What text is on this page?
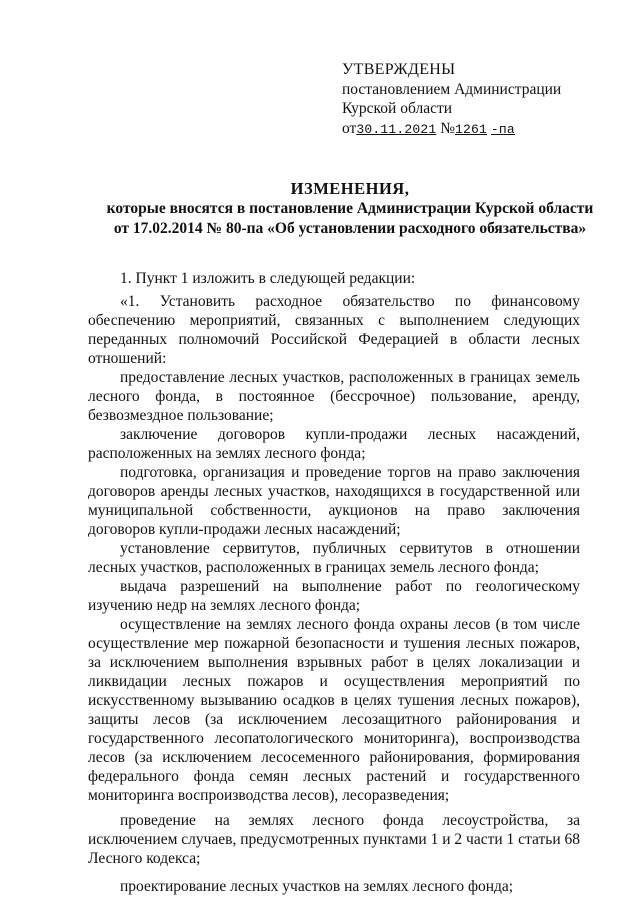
УТВЕРЖДЕНЫ
постановлением Администрации
Курской области
от30.11.2021 №1261 -па
ИЗМЕНЕНИЯ,
которые вносятся в постановление Администрации Курской области
от 17.02.2014 № 80-па «Об установлении расходного обязательства»

1. Пункт 1 изложить в следующей редакции:

«1. Установить расходное обязательство по финансовому обеспечению мероприятий, связанных с выполнением следующих переданных полномочий Российской Федерацией в области лесных отношений:

предоставление лесных участков, расположенных в границах земель лесного фонда, в постоянное (бессрочное) пользование, аренду, безвозмездное пользование;

заключение договоров купли-продажи лесных насаждений, расположенных на землях лесного фонда;

подготовка, организация и проведение торгов на право заключения договоров аренды лесных участков, находящихся в государственной или муниципальной собственности, аукционов на право заключения договоров купли-продажи лесных насаждений;

установление сервитутов, публичных сервитутов в отношении лесных участков, расположенных в границах земель лесного фонда;

выдача разрешений на выполнение работ по геологическому изучению недр на землях лесного фонда;

осуществление на землях лесного фонда охраны лесов (в том числе осуществление мер пожарной безопасности и тушения лесных пожаров, за исключением выполнения взрывных работ в целях локализации и ликвидации лесных пожаров и осуществления мероприятий по искусственному вызыванию осадков в целях тушения лесных пожаров), защиты лесов (за исключением лесозащитного районирования и государственного лесопатологического мониторинга), воспроизводства лесов (за исключением лесосеменного районирования, формирования федерального фонда семян лесных растений и государственного мониторинга воспроизводства лесов), лесоразведения;

проведение на землях лесного фонда лесоустройства, за исключением случаев, предусмотренных пунктами 1 и 2 части 1 статьи 68 Лесного кодекса;

проектирование лесных участков на землях лесного фонда;
